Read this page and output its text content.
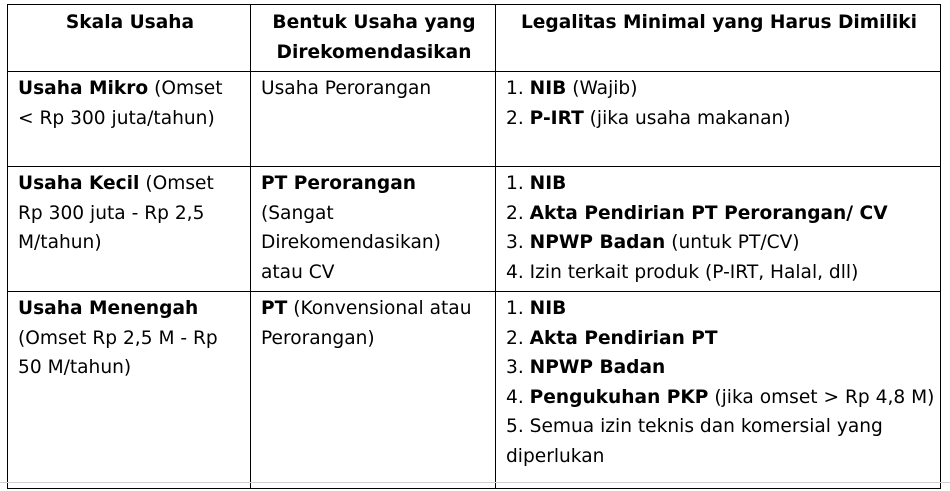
Skala Usaha	Bentuk Usaha yang Direkomendasikan	Legalitas Minimal yang Harus Dimiliki
Usaha Mikro (Omset < Rp 300 juta/tahun)	Usaha Perorangan	1. NIB (Wajib)
2. P-IRT (jika usaha makanan)

Usaha Kecil (Omset Rp 300 juta - Rp 2,5 M/tahun)	PT Perorangan (Sangat Direkomendasikan) atau CV	1. NIB
2. Akta Pendirian PT Perorangan/ CV
3. NPWP Badan (untuk PT/CV)
4. Izin terkait produk (P-IRT, Halal, dll)

Usaha Menengah (Omset Rp 2,5 M - Rp 50 M/tahun)	PT (Konvensional atau Perorangan)	1. NIB
2. Akta Pendirian PT
3. NPWP Badan
4. Pengukuhan PKP (jika omset > Rp 4,8 M)
5. Semua izin teknis dan komersial yang diperlukan
